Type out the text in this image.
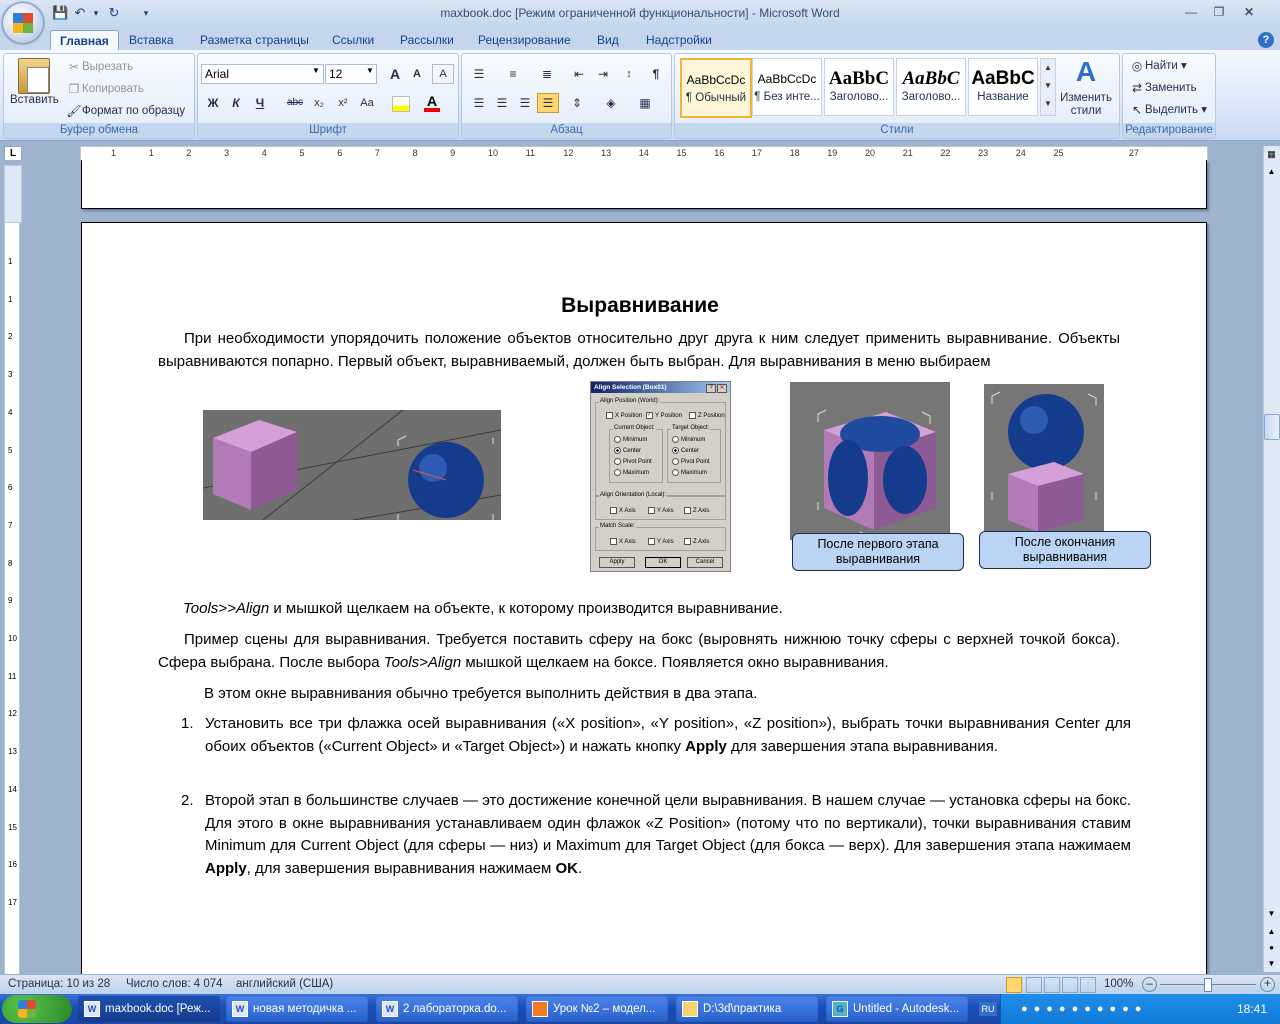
💾 ↶ ▾ ↻	▾	maxbook.doc [Режим ограниченной функциональности] - Microsoft Word	—	❐	✕
Главная	Вставка	Разметка страницы	Ссылки	Рассылки	Рецензирование	Вид	Надстройки	?
Буфер обмена
Вставить
✂ Вырезать
❐ Копировать
🖌Формат по образцу
Шрифт
Arial	▼ 12	▼	A	A	A
Ж	К	Ч	abc	x₂	x²	Aa	A
Абзац
☰	≡	≣	⇤	⇥	↕	¶
☰	☰	☰	☰	⇕	◈	▦
Стили
AaBbCcDc
¶ Обычный
AaBbCcDc
¶ Без инте...
AaBbC
Заголово...
AaBbC
Заголово...
AaBbC
Название
▲
▼
▼
A
Изменить стили
Редактирование
◎ Найти ▾
⇄ Заменить
↖ Выделить ▾
L	1	1	2	3	4	5	6	7	8	9	10	11	12	13	14	15	16	17	18	19	20	21	22	23	24	25	27
1
1
2
3
4
5
6
7
8
9
10
11
12
13
14
15
16
17
▦
▲
▼
▲
●
▼
Выравнивание
При необходимости упорядочить положение объектов относительно друг друга к ним следует применить выравнивание. Объекты выравниваются попарно. Первый объект, выравниваемый, должен быть выбран. Для выравнивания в меню выбираем
Align Selection (Box01)	?	✕
Align Position (World):
X Position ✓ Y Position	Z Position
Current Object:
Minimum
Center
Pivot Point
Maximum
Target Object:
Minimum
Center
Pivot Point
Maximum
Align Orientation (Local):
X Axis	Y Axis	Z Axis
Match Scale:
X Axis	Y Axis	Z Axis
Apply	OK	Cancel
После первого этапа выравнивания
После окончания выравнивания
Tools>>Align и мышкой щелкаем на объекте, к которому производится выравнивание.
Пример сцены для выравнивания. Требуется поставить сферу на бокс (выровнять нижнюю точку сферы с верхней точкой бокса). Сфера выбрана. После выбора Tools>Align мышкой щелкаем на боксе. Появляется окно выравнивания.
В этом окне выравнивания обычно требуется выполнить действия в два этапа.
1. Установить все три флажка осей выравнивания («X position», «Y position», «Z position»), выбрать точки выравнивания Center для обоих объектов («Current Object» и «Target Object») и нажать кнопку Apply для завершения этапа выравнивания.
2. Второй этап в большинстве случаев — это достижение конечной цели выравнивания. В нашем случае — установка сферы на бокс. Для этого в окне выравнивания устанавливаем один флажок «Z Position» (потому что по вертикали), точки выравнивания ставим Minimum для Current Object (для сферы — низ) и Maximum для Target Object (для бокса — верх). Для завершения этапа нажимаем Apply, для завершения выравнивания нажимаем OK.
Страница: 10 из 28 Число слов: 4 074 английский (США)	100%	–	+
W maxbook.doc [Реж...	W новая методичка ...	W 2 лабораторка.do...	Урок №2 – модел...	D:\3d\практика	G Untitled - Autodesk...	RU ●●●●●●●●●●	18:41
